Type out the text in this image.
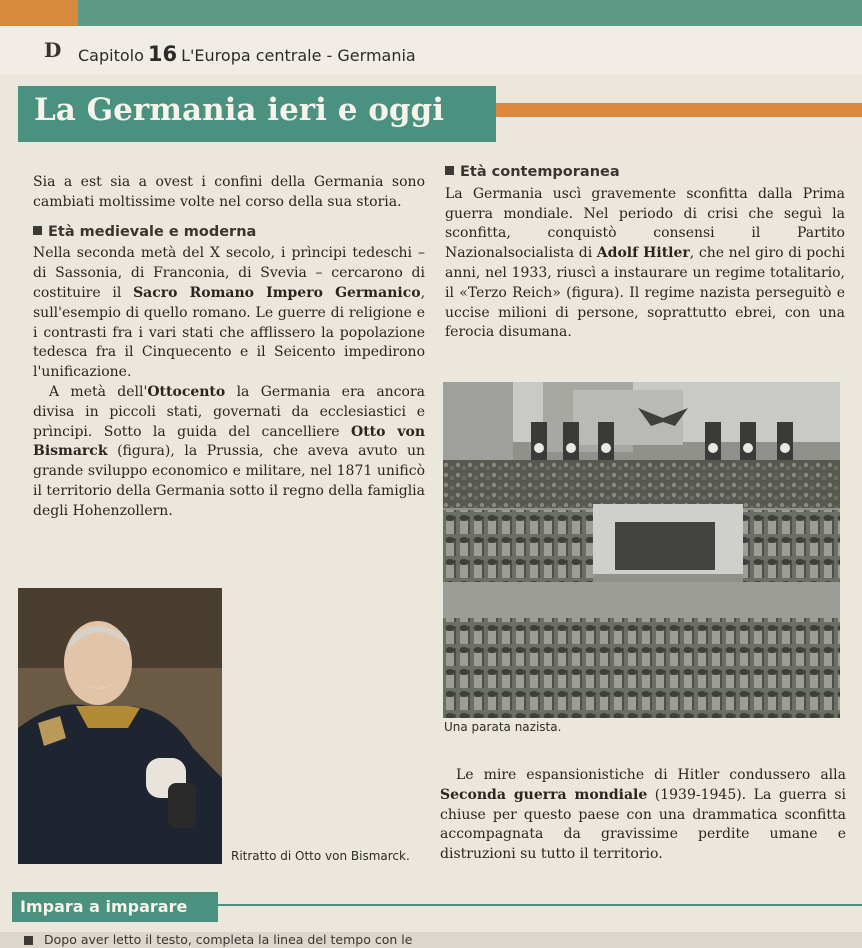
D Capitolo 16 L'Europa centrale - Germania
La Germania ieri e oggi

Sia a est sia a ovest i confini della Germania sono cambiati moltissime volte nel corso della sua storia.

Età medievale e moderna

Nella seconda metà del X secolo, i prìncipi tedeschi – di Sassonia, di Franconia, di Svevia – cercarono di costituire il Sacro Romano Impero Germanico, sull'esempio di quello romano. Le guerre di religione e i contrasti fra i vari stati che afflissero la popolazione tedesca fra il Cinquecento e il Seicento impedirono l'unificazione.

A metà dell'Ottocento la Germania era ancora divisa in piccoli stati, governati da ecclesiastici e prìncipi. Sotto la guida del cancelliere Otto von Bismarck (figura), la Prussia, che aveva avuto un grande sviluppo economico e militare, nel 1871 unificò il territorio della Germania sotto il regno della famiglia degli Hohenzollern.

Età contemporanea

La Germania uscì gravemente sconfitta dalla Prima guerra mondiale. Nel periodo di crisi che seguì la sconfitta, conquistò consensi il Partito Nazionalsocialista di Adolf Hitler, che nel giro di pochi anni, nel 1933, riuscì a instaurare un regime totalitario, il «Terzo Reich» (figura). Il regime nazista perseguitò e uccise milioni di persone, soprattutto ebrei, con una ferocia disumana.

Una parata nazista.
Ritratto di Otto von Bismarck.

Le mire espansionistiche di Hitler condussero alla Seconda guerra mondiale (1939-1945). La guerra si chiuse per questo paese con una drammatica sconfitta accompagnata da gravissime perdite umane e distruzioni su tutto il territorio.

Impara a imparare
Dopo aver letto il testo, completa la linea del tempo con le
